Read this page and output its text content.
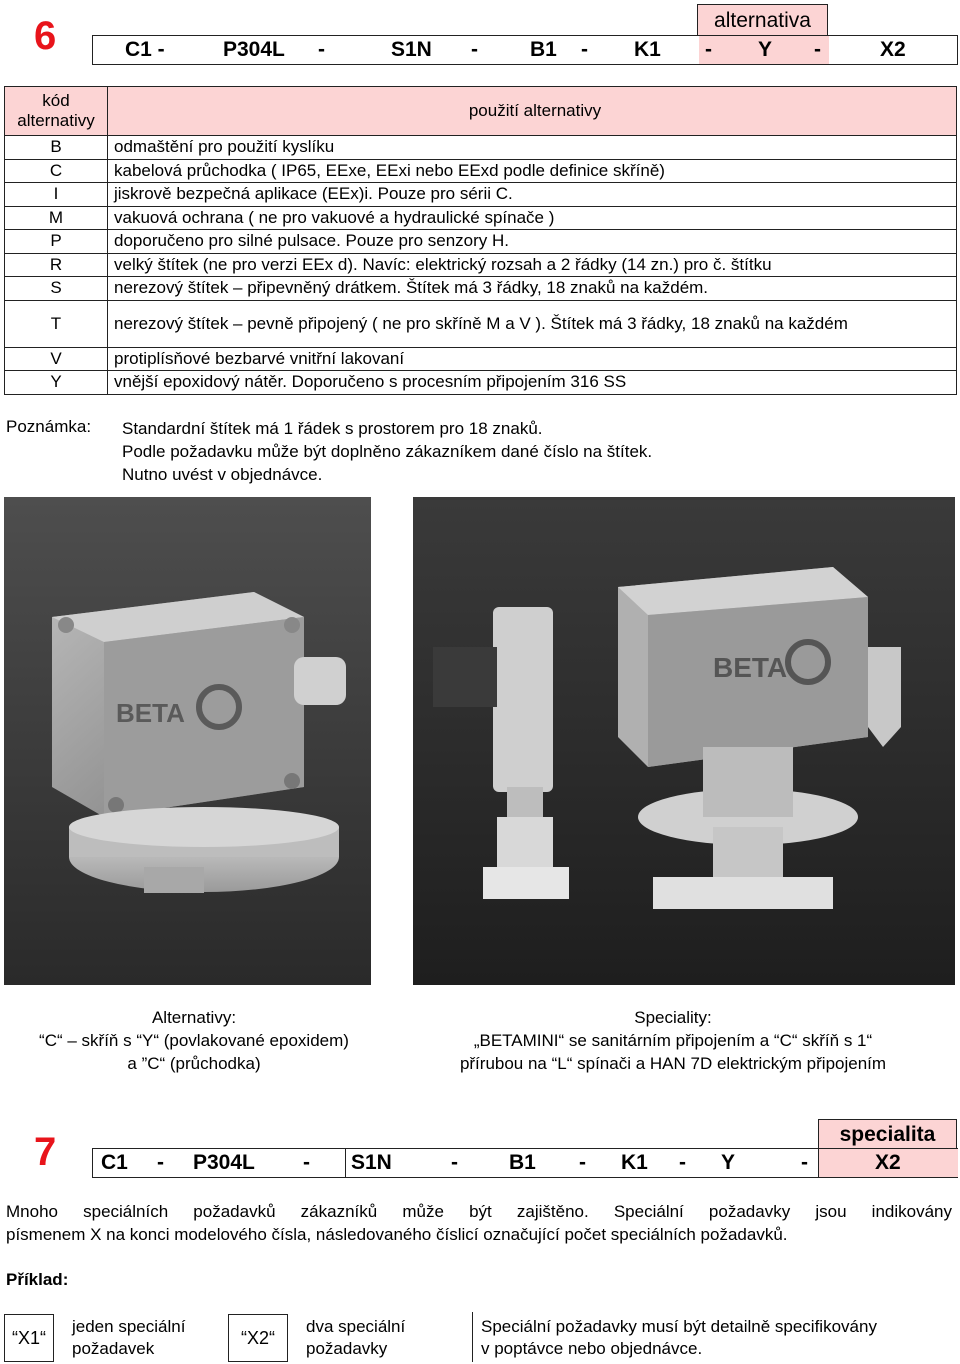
6	alternativa
C1 -	P304L -	S1N - B1 - K1 - Y -	X2
kód alternativy	použití alternativy
B	odmaštění pro použití kyslíku
C	kabelová průchodka ( IP65, EExe, EExi nebo EExd podle definice skříně)
I	jiskrově bezpečná aplikace (EEx)i. Pouze pro sérii C.
M	vakuová ochrana ( ne pro vakuové a hydraulické spínače )
P	doporučeno pro silné pulsace. Pouze pro senzory H.
R	velký štítek (ne pro verzi EEx d). Navíc: elektrický rozsah a 2 řádky (14 zn.) pro č. štítku
S	nerezový štítek – připevněný drátkem. Štítek má 3 řádky, 18 znaků na každém.
T	nerezový štítek – pevně připojený ( ne pro skříně M a V ). Štítek má 3 řádky, 18 znaků na každém
V	protiplísňové bezbarvé vnitřní lakovaní
Y	vnější epoxidový nátěr. Doporučeno s procesním připojením 316 SS
Poznámka: Standardní štítek má 1 řádek s prostorem pro 18 znaků.
Podle požadavku může být doplněno zákazníkem dané číslo na štítek.
Nutno uvést v objednávce.
BETA
BETA
Alternativy:
“C“ – skříň s “Y“ (povlakované epoxidem)
a ”C“ (průchodka)
Speciality:
„BETAMINI“ se sanitárním připojením a “C“ skříň s 1“
přírubou na “L“ spínači a HAN 7D elektrickým připojením
7	specialita
C1 - P304L - S1N	- B1 - K1 - Y	-	X2
Mnoho speciálních požadavků zákazníků může být zajištěno. Speciální požadavky jsou indikovány
písmenem X na konci modelového čísla, následovaného číslicí označující počet speciálních požadavků.
Příklad:
“X1“
jeden speciální
požadavek
“X2“
dva speciální
požadavky
Speciální požadavky musí být detailně specifikovány
v poptávce nebo objednávce.
